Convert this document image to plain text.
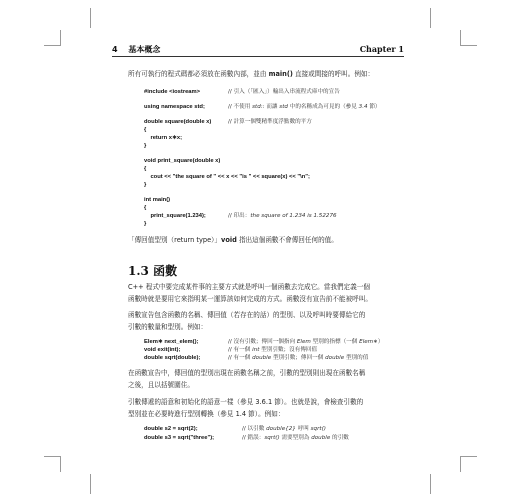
4 基本概念	Chapter 1
所有可執行的程式碼都必須放在函數內部，並由 main() 直接或間接的呼叫。例如：
#include <iostream>	// 引入（「匯入」）輸出入串流程式庫中的宣告
using namespace std;	// 不使用 std:: 而讓 std 中的名稱成為可見的（參見 3.4 節）
double square(double x)	// 計算一個雙精準度浮點數的平方
{
return x∗x;
}
void print_square(double x)
{
cout << "the square of " << x << "is " << square(x) << "\n";
}
int main()
{
print_square(1.234);	// 印出：the square of 1.234 is 1.52276
}
「傳回值型別（return type）」void 指出這個函數不會傳回任何的值。
1.3 函數
C++ 程式中要完成某件事的主要方式就是呼叫一個函數去完成它。當我們定義一個
函數時就是要用它來指明某一運算該如何完成的方式。函數沒有宣告前不能被呼叫。
函數宣告包含函數的名稱、傳回值（若存在的話）的型別、以及呼叫時要傳給它的
引數的數量和型別。例如：
Elem∗ next_elem();	// 沒有引數；傳回一個指向 Elem 型別的指標（一個 Elem∗）
void exit(int);	// 有一個 int 型別引數；沒有傳回值
double sqrt(double);	// 有一個 double 型別引數；傳回一個 double 型別的值
在函數宣告中，傳回值的型別出現在函數名稱之前，引數的型別則出現在函數名稱
之後，且以括號圍住。
引數傳遞的語意和初始化的語意一樣（參見 3.6.1 節）。也就是說，會檢查引數的
型別並在必要時進行型別轉換（參見 1.4 節）。例如：
double s2 = sqrt(2);	// 以引數 double{2} 呼叫 sqrt()
double s3 = sqrt("three");	// 錯誤：sqrt() 需要型別為 double 的引數
